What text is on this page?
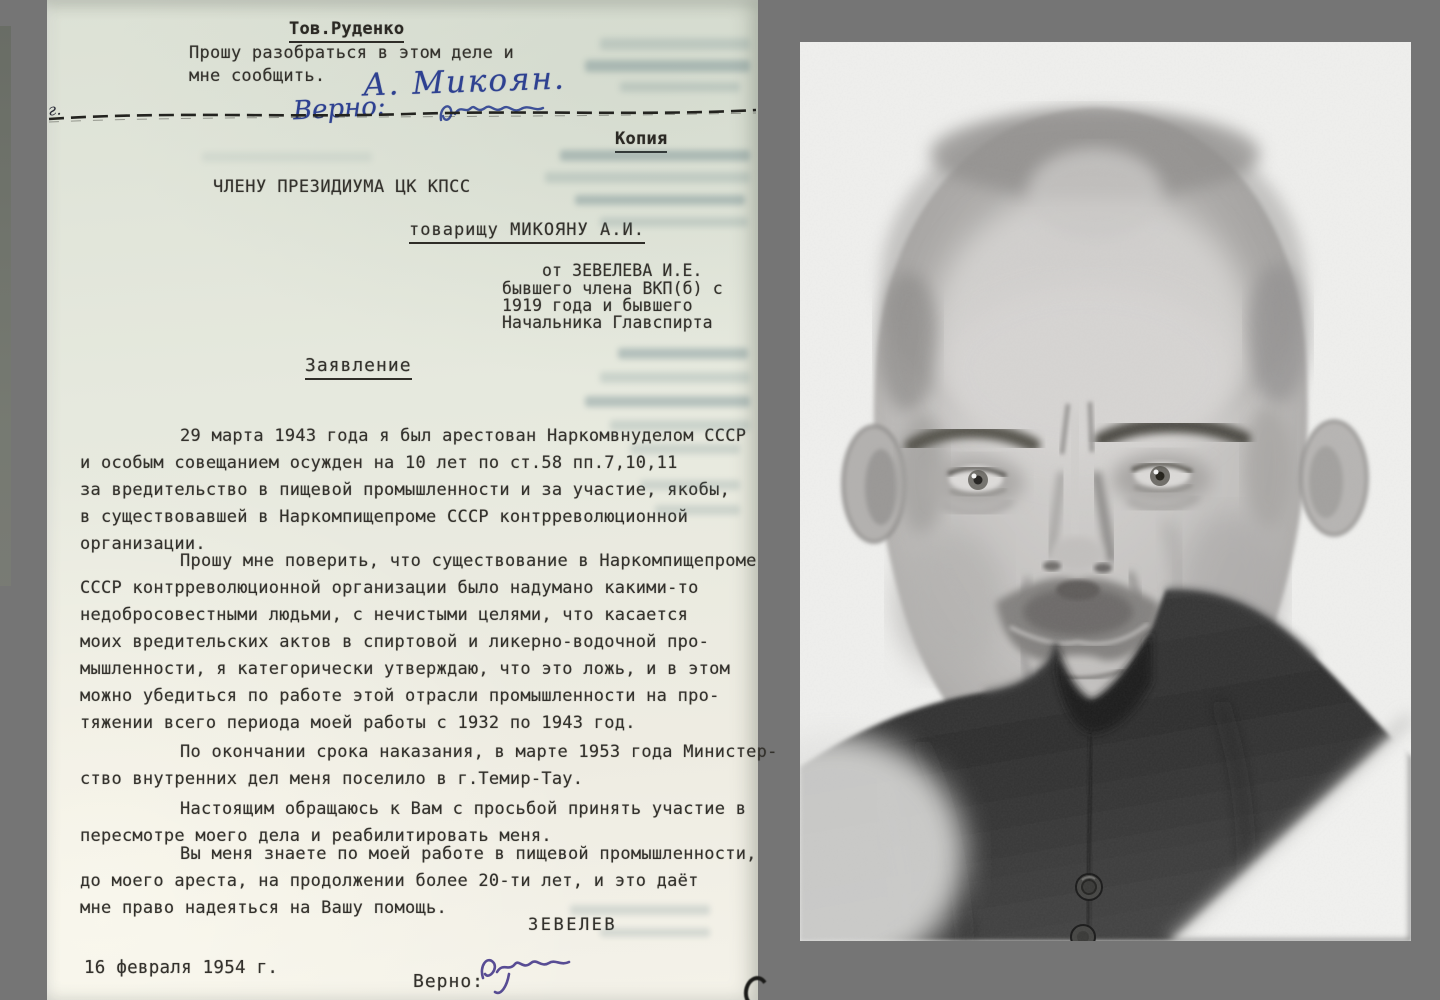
Тов.Руденко
Прошу разобраться в этом деле и
мне сообщить. А. Микоян.
Верно:
г.
Копия
ЧЛЕНУ ПРЕЗИДИУМА ЦК КПСС
товарищу МИКОЯНУ А.И.
от ЗЕВЕЛЕВА И.Е.
бывшего члена ВКП(б) с
1919 года и бывшего
Начальника Главспирта
Заявление
29 марта 1943 года я был арестован Наркомвнуделом СССР
и особым совещанием осужден на 10 лет по ст.58 пп.7,10,11
за вредительство в пищевой промышленности и за участие, якобы,
в существовавшей в Наркомпищепроме СССР контрреволюционной
организации.
Прошу мне поверить, что существование в Наркомпищепроме
СССР контрреволюционной организации было надумано какими-то
недобросовестными людьми, с нечистыми целями, что касается
моих вредительских актов в спиртовой и ликерно-водочной про-
мышленности, я категорически утверждаю, что это ложь, и в этом
можно убедиться по работе этой отрасли промышленности на про-
тяжении всего периода моей работы с 1932 по 1943 год.
По окончании срока наказания, в марте 1953 года Министер-
ство внутренних дел меня поселило в г.Темир-Тау.
Настоящим обращаюсь к Вам с просьбой принять участие в
пересмотре моего дела и реабилитировать меня.
Вы меня знаете по моей работе в пищевой промышленности,
до моего ареста, на продолжении более 20-ти лет, и это даёт
мне право надеяться на Вашу помощь.
ЗЕВЕЛЕВ
16 февраля 1954 г.
Верно:
